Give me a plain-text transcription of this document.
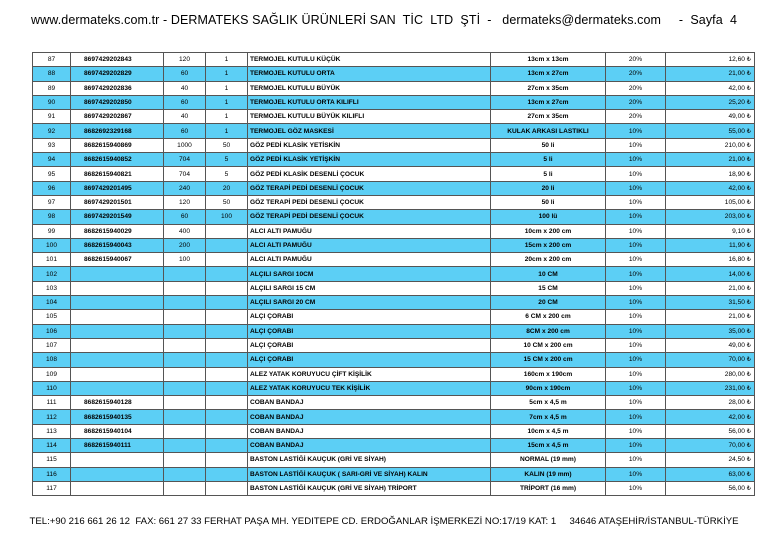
www.dermateks.com.tr - DERMATEKS SAĞLIK ÜRÜNLERİ SAN  TİC  LTD  ŞTİ  -   dermateks@dermateks.com     -  Sayfa  4
87	8697429202843	120	1	TERMOJEL KUTULU KÜÇÜK	13cm x 13cm	20%	12,60 ₺
88	8697429202829	60	1	TERMOJEL KUTULU ORTA	13cm x 27cm	20%	21,00 ₺
89	8697429202836	40	1	TERMOJEL KUTULU BÜYÜK	27cm x 35cm	20%	42,00 ₺
90	8697429202850	60	1	TERMOJEL KUTULU ORTA KILIFLI	13cm x 27cm	20%	25,20 ₺
91	8697429202867	40	1	TERMOJEL KUTULU BÜYÜK KILIFLI	27cm x 35cm	20%	49,00 ₺
92	8682692329168	60	1	TERMOJEL GÖZ MASKESİ	KULAK ARKASI LASTIKLI	10%	55,00 ₺
93	8682615940869	1000	50	GÖZ PEDİ KLASİK YETİSKİN	50 li	10%	210,00 ₺
94	8682615940852	704	5	GÖZ PEDİ KLASİK YETİŞKİN	5 li	10%	21,00 ₺
95	8682615940821	704	5	GÖZ PEDİ KLASİK DESENLİ ÇOCUK	5 li	10%	18,90 ₺
96	8697429201495	240	20	GÖZ TERAPİ PEDİ DESENLİ ÇOCUK	20 li	10%	42,00 ₺
97	8697429201501	120	50	GÖZ TERAPİ PEDİ DESENLİ ÇOCUK	50 li	10%	105,00 ₺
98	8697429201549	60	100	GÖZ TERAPİ PEDİ DESENLİ ÇOCUK	100 lü	10%	203,00 ₺
99	8682615940029	400		ALCI ALTI PAMUĞU	10cm x 200 cm	10%	9,10 ₺
100	8682615940043	200		ALCI ALTI PAMUĞU	15cm x 200 cm	10%	11,90 ₺
101	8682615940067	100		ALCI ALTI PAMUĞU	20cm x 200 cm	10%	16,80 ₺
102				ALÇILI SARGI 10CM	10 CM	10%	14,00 ₺
103				ALÇILI SARGI 15 CM	15 CM	10%	21,00 ₺
104				ALÇILI SARGI 20 CM	20 CM	10%	31,50 ₺
105				ALÇI ÇORABI	6 CM x 200 cm	10%	21,00 ₺
106				ALÇI ÇORABI	8CM x 200 cm	10%	35,00 ₺
107				ALÇI ÇORABI	10 CM x 200 cm	10%	49,00 ₺
108				ALÇI ÇORABI	15 CM x 200 cm	10%	70,00 ₺
109				ALEZ YATAK KORUYUCU ÇİFT KİŞİLİK	160cm x 190cm	10%	280,00 ₺
110				ALEZ YATAK KORUYUCU TEK KİŞİLİK	90cm x 190cm	10%	231,00 ₺
111	8682615940128			COBAN BANDAJ	5cm x 4,5 m	10%	28,00 ₺
112	8682615940135			COBAN BANDAJ	7cm x 4,5 m	10%	42,00 ₺
113	8682615940104			COBAN BANDAJ	10cm x 4,5 m	10%	56,00 ₺
114	8682615940111			COBAN BANDAJ	15cm x 4,5 m	10%	70,00 ₺
115				BASTON LASTİĞİ KAUÇUK (GRİ VE SİYAH)	NORMAL (19 mm)	10%	24,50 ₺
116				BASTON LASTİĞİ KAUÇUK ( SARI-GRİ VE SİYAH) KALIN	KALIN (19 mm)	10%	63,00 ₺
117				BASTON LASTİĞİ KAUÇUK (GRİ VE SİYAH) TRİPORT	TRİPORT (16 mm)	10%	56,00 ₺
TEL:+90 216 661 26 12  FAX: 661 27 33 FERHAT PAŞA MH. YEDITEPE CD. ERDOĞANLAR İŞMERKEZİ NO:17/19 KAT: 1     34646 ATAŞEHİR/İSTANBUL-TÜRKİYE
